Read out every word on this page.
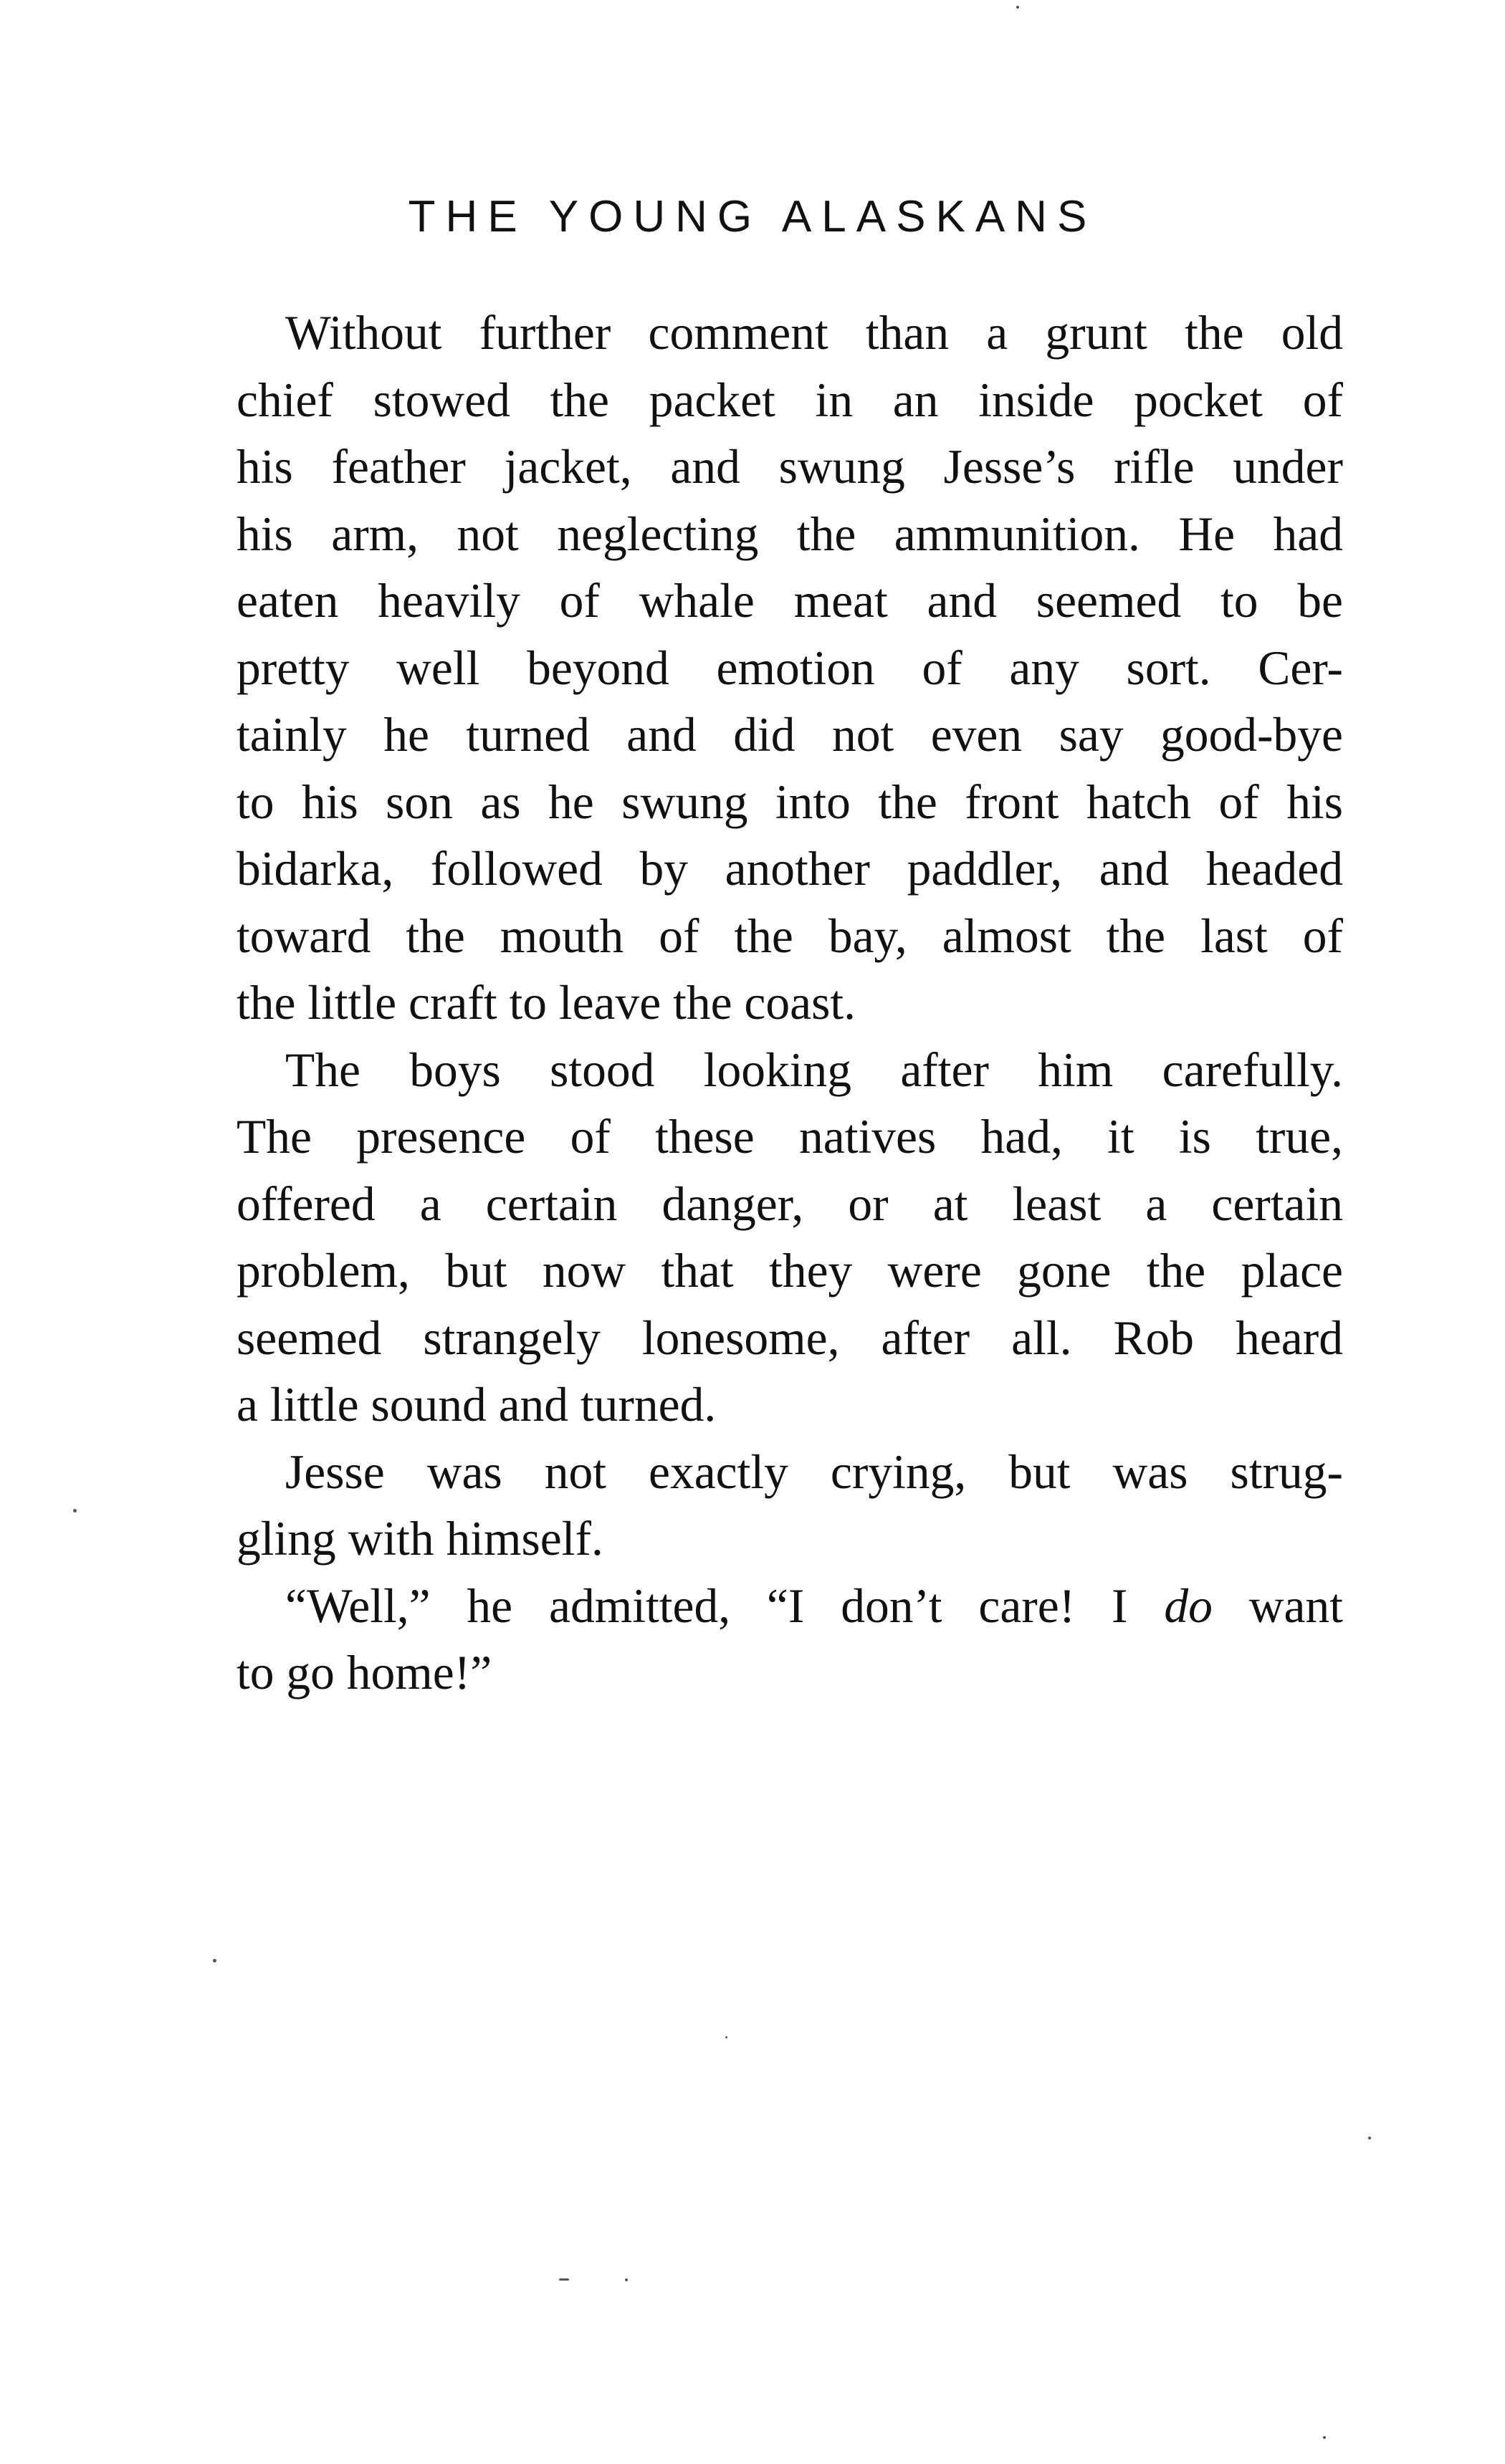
THE YOUNG ALASKANS

Without further comment than a grunt the old

chief stowed the packet in an inside pocket of

his feather jacket, and swung Jesse’s rifle under

his arm, not neglecting the ammunition. He had

eaten heavily of whale meat and seemed to be

pretty well beyond emotion of any sort. Cer-

tainly he turned and did not even say good-bye

to his son as he swung into the front hatch of his

bidarka, followed by another paddler, and headed

toward the mouth of the bay, almost the last of

the little craft to leave the coast.

The boys stood looking after him carefully.

The presence of these natives had, it is true,

offered a certain danger, or at least a certain

problem, but now that they were gone the place

seemed strangely lonesome, after all. Rob heard

a little sound and turned.

Jesse was not exactly crying, but was strug-

gling with himself.

“Well,” he admitted, “I don’t care! I do want

to go home!”
